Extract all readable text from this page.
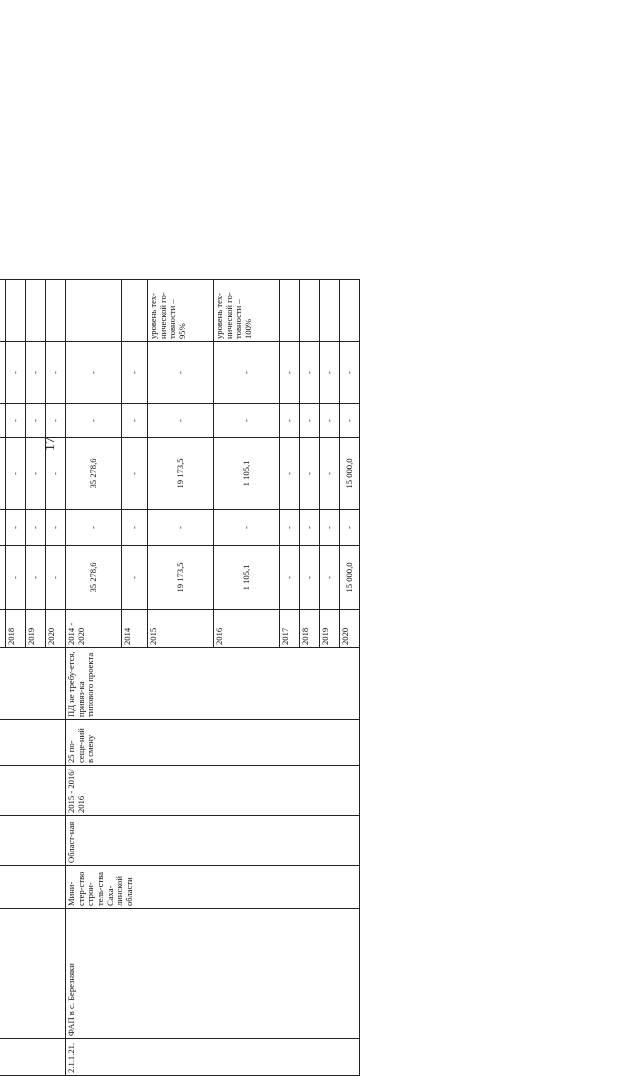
17

							2018	-	-	-	-	-	
							2019	-	-	-	-	-	
							2020	-	-	-	-	-	
2.1.1.21.	ФАП в с. Березняки	Мини-стер-ство строи-тель-ства Саха-линской области	Област-ная	2015 - 2016/ 2016	25 по-сеще-ний в смену	ПД не требу-ется, привяз-ка типового проекта	2014 - 2020	35 278,6	-	35 278,6	-	-	
							2014	-	-	-	-	-	
							2015	19 173,5	-	19 173,5	-	-	уровень тех-нической го-товности – 95%
							2016	1 105,1	-	1 105,1	-	-	уровень тех-нической го-товности – 100%
							2017	-	-	-	-	-	
							2018	-	-	-	-	-	
							2019	-	-	-	-	-	
							2020	15 000,0	-	15 000,0	-	-	
